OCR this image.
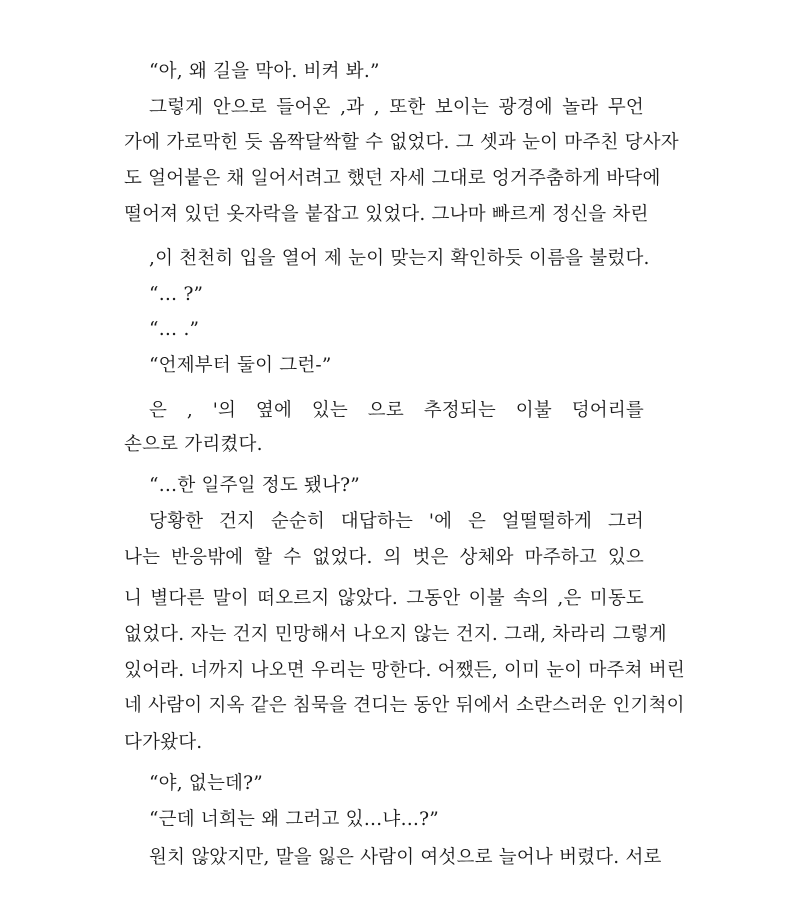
“아, 왜 길을 막아. 비켜 봐.”
그렇게 안으로 들어온 ,과 , 또한 보이는 광경에 놀라 무언
가에 가로막힌 듯 옴짝달싹할 수 없었다. 그 셋과 눈이 마주친 당사자
도 얼어붙은 채 일어서려고 했던 자세 그대로 엉거주춤하게 바닥에
떨어져 있던 옷자락을 붙잡고 있었다. 그나마 빠르게 정신을 차린
,이 천천히 입을 열어 제 눈이 맞는지 확인하듯 이름을 불렀다.
“… ?”
“… .”
“언제부터 둘이 그런-”
은 , '의 옆에 있는 으로 추정되는 이불 덩어리를
손으로 가리켰다.
“…한 일주일 정도 됐나?”
당황한 건지 순순히 대답하는 '에 은 얼떨떨하게 그러
나는 반응밖에 할 수 없었다. 의 벗은 상체와 마주하고 있으
니 별다른 말이 떠오르지 않았다. 그동안 이불 속의 ,은 미동도
없었다. 자는 건지 민망해서 나오지 않는 건지. 그래, 차라리 그렇게
있어라. 너까지 나오면 우리는 망한다. 어쨌든, 이미 눈이 마주쳐 버린
네 사람이 지옥 같은 침묵을 견디는 동안 뒤에서 소란스러운 인기척이
다가왔다.
“야, 없는데?”
“근데 너희는 왜 그러고 있…냐…?”
원치 않았지만, 말을 잃은 사람이 여섯으로 늘어나 버렸다. 서로
